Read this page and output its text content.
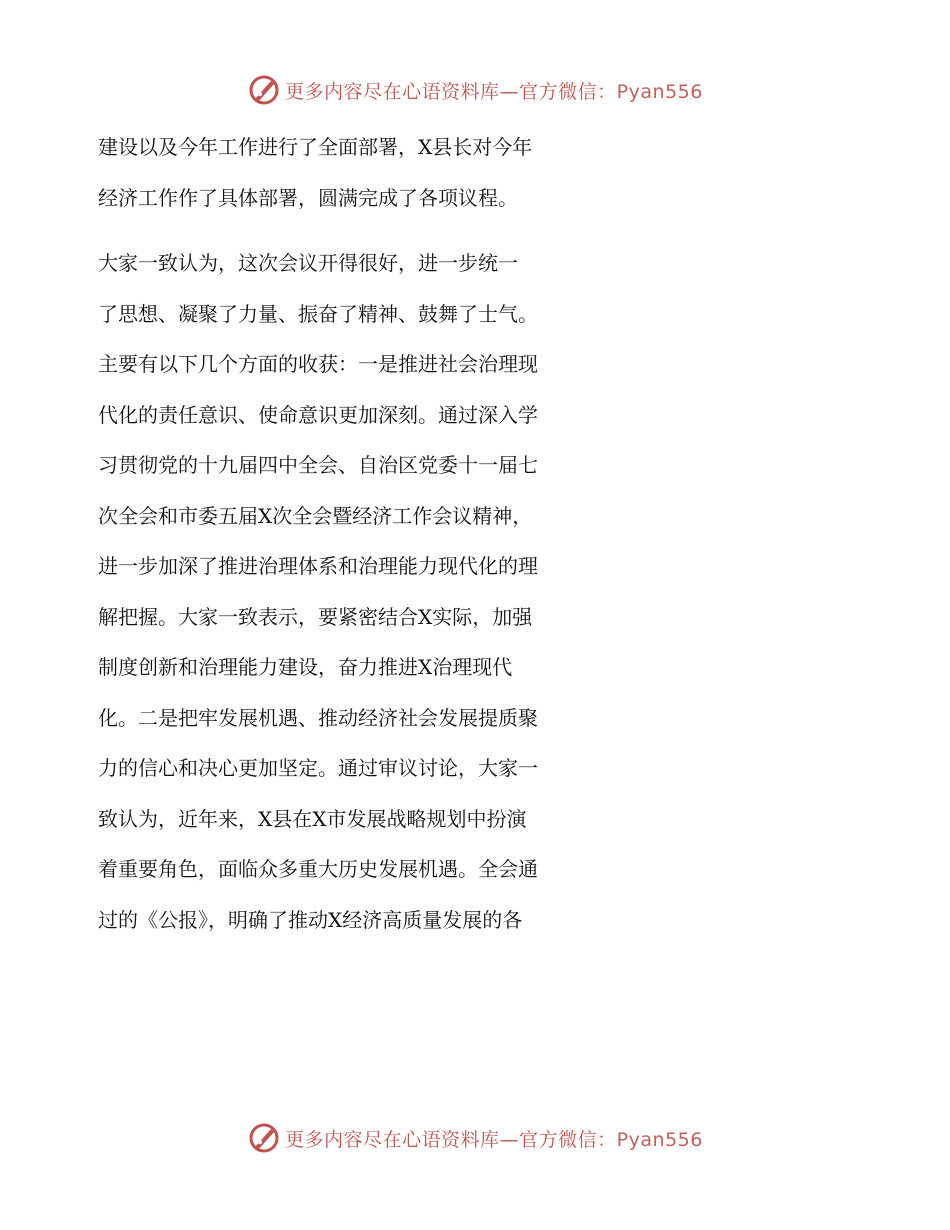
更多内容尽在心语资料库—官方微信：Pyan556

建设以及今年工作进行了全面部署，X县长对今年
经济工作作了具体部署，圆满完成了各项议程。

大家一致认为，这次会议开得很好，进一步统一
了思想、凝聚了力量、振奋了精神、鼓舞了士气。
主要有以下几个方面的收获：一是推进社会治理现
代化的责任意识、使命意识更加深刻。通过深入学
习贯彻党的十九届四中全会、自治区党委十一届七
次全会和市委五届X次全会暨经济工作会议精神，
进一步加深了推进治理体系和治理能力现代化的理
解把握。大家一致表示，要紧密结合X实际，加强
制度创新和治理能力建设，奋力推进X治理现代
化。二是把牢发展机遇、推动经济社会发展提质聚
力的信心和决心更加坚定。通过审议讨论，大家一
致认为，近年来，X县在X市发展战略规划中扮演
着重要角色，面临众多重大历史发展机遇。全会通
过的《公报》，明确了推动X经济高质量发展的各

更多内容尽在心语资料库—官方微信：Pyan556
